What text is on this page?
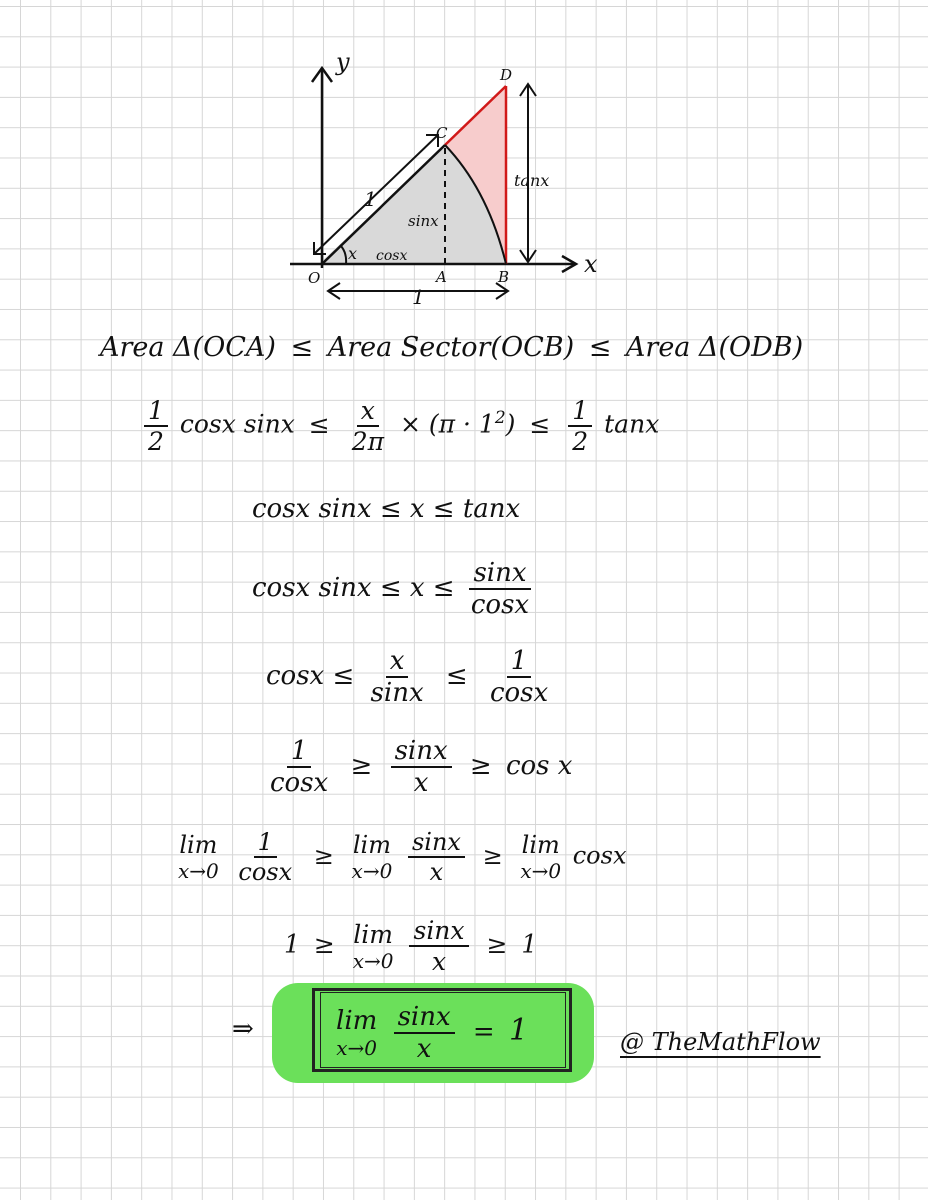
y
x
O	A	B
C
D
1
x cosx
sinx
tanx
1
Area Δ(OCA) ≤ Area Sector(OCB) ≤ Area Δ(ODB)
$\frac{1}{2}$ cosx $\sin x \le \frac{x}{2\pi} \times (\pi \cdot 1^2) \le \frac{1}{2}$ tanx
cosx sinx ≤ x ≤ tanx
cosx $\sin x \le x \le \frac{\sin x}{\cos x}$
$\cos x \le \frac{x}{\sin x} \le \frac{1}{\cos x}$
$\frac{1}{\cos x} \ge \frac{\sin x}{x} \ge \cos x$
lim
x→0
$\frac{1}{\cos x} \ge \lim$
x→0
$\frac{\sin x}{x} \ge \lim$
x→0
cosx
1 ≥ lim
x→0
$\frac{\sin x}{x} \ge 1$
⇒	lim
x→0
$\frac{\sin x}{x} = 1$	@ TheMathFlow
